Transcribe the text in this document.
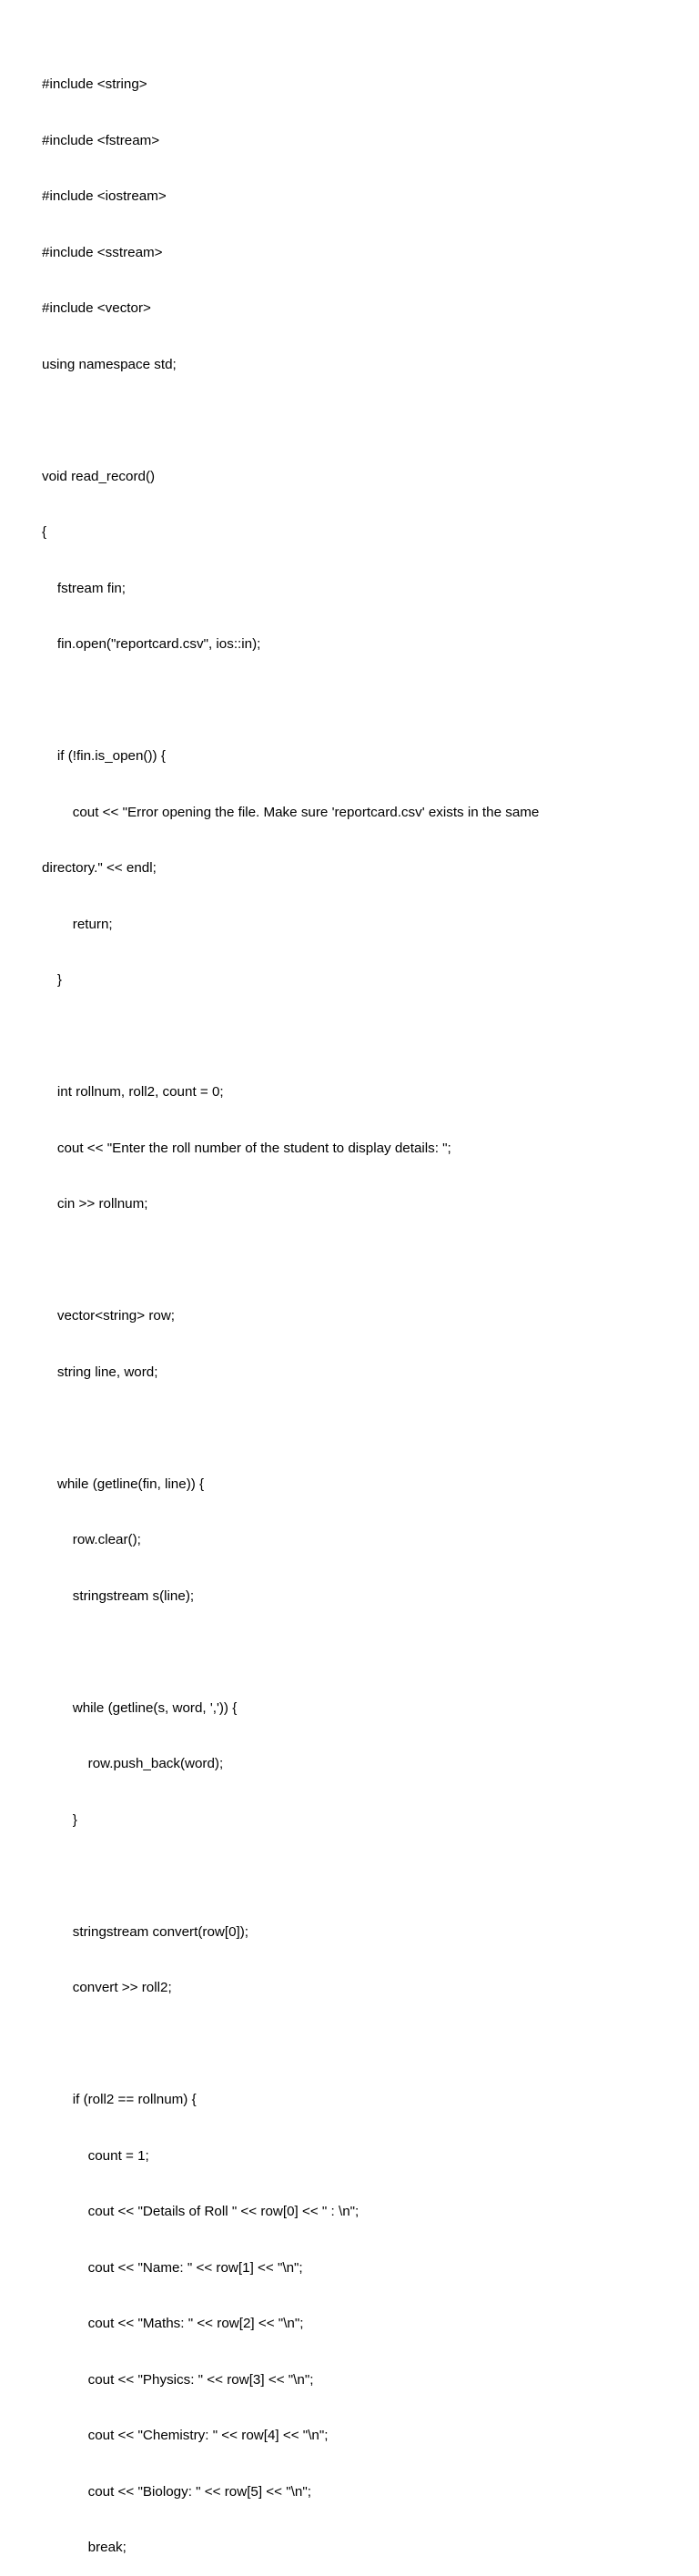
#include <string>

#include <fstream>

#include <iostream>

#include <sstream>

#include <vector>

using namespace std;

void read_record()

{

fstream fin;

fin.open("reportcard.csv", ios::in);

if (!fin.is_open()) {

cout << "Error opening the file. Make sure 'reportcard.csv' exists in the same

directory." << endl;

return;

}

int rollnum, roll2, count = 0;

cout << "Enter the roll number of the student to display details: ";

cin >> rollnum;

vector<string> row;

string line, word;

while (getline(fin, line)) {

row.clear();

stringstream s(line);

while (getline(s, word, ',')) {

row.push_back(word);

}

stringstream convert(row[0]);

convert >> roll2;

if (roll2 == rollnum) {

count = 1;

cout << "Details of Roll " << row[0] << " : \n";

cout << "Name: " << row[1] << "\n";

cout << "Maths: " << row[2] << "\n";

cout << "Physics: " << row[3] << "\n";

cout << "Chemistry: " << row[4] << "\n";

cout << "Biology: " << row[5] << "\n";

break;
